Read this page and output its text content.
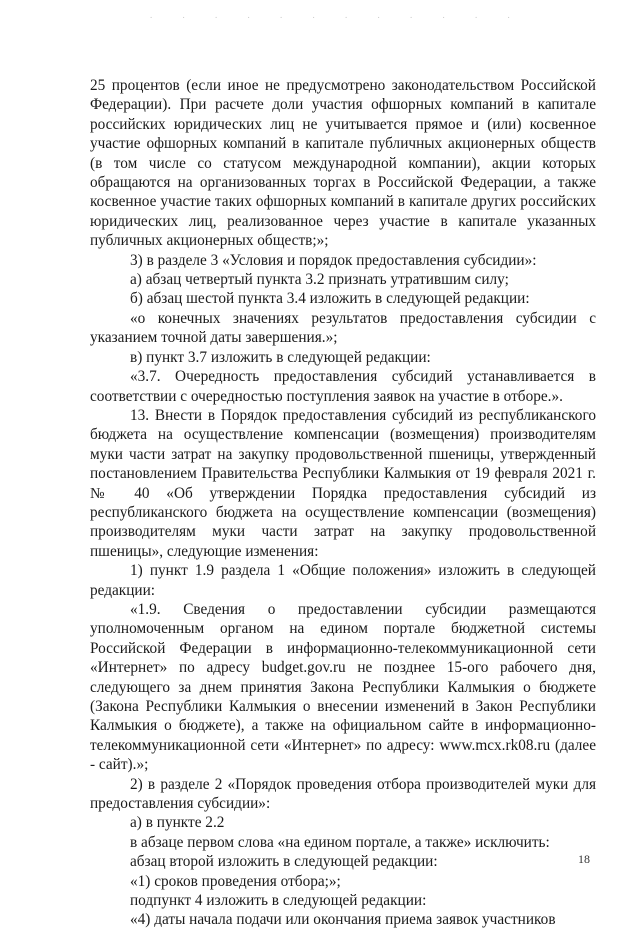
. . . . . . . . . . . .

25 процентов (если иное не предусмотрено законодательством Российской Федерации). При расчете доли участия офшорных компаний в капитале российских юридических лиц не учитывается прямое и (или) косвенное участие офшорных компаний в капитале публичных акционерных обществ (в том числе со статусом международной компании), акции которых обращаются на организованных торгах в Российской Федерации, а также косвенное участие таких офшорных компаний в капитале других российских юридических лиц, реализованное через участие в капитале указанных публичных акционерных обществ;»;

3) в разделе 3 «Условия и порядок предоставления субсидии»:

а) абзац четвертый пункта 3.2 признать утратившим силу;

б) абзац шестой пункта 3.4 изложить в следующей редакции:

«о конечных значениях результатов предоставления субсидии с указанием точной даты завершения.»;

в) пункт 3.7 изложить в следующей редакции:

«3.7. Очередность предоставления субсидий устанавливается в соответствии с очередностью поступления заявок на участие в отборе.».

13. Внести в Порядок предоставления субсидий из республиканского бюджета на осуществление компенсации (возмещения) производителям муки части затрат на закупку продовольственной пшеницы, утвержденный постановлением Правительства Республики Калмыкия от 19 февраля 2021 г. № 40 «Об утверждении Порядка предоставления субсидий из республиканского бюджета на осуществление компенсации (возмещения) производителям муки части затрат на закупку продовольственной пшеницы», следующие изменения:

1) пункт 1.9 раздела 1 «Общие положения» изложить в следующей редакции:

«1.9. Сведения о предоставлении субсидии размещаются уполномоченным органом на едином портале бюджетной системы Российской Федерации в информационно-телекоммуникационной сети «Интернет» по адресу budget.gov.ru не позднее 15-ого рабочего дня, следующего за днем принятия Закона Республики Калмыкия о бюджете (Закона Республики Калмыкия о внесении изменений в Закон Республики Калмыкия о бюджете), а также на официальном сайте в информационно-телекоммуникационной сети «Интернет» по адресу: www.mcx.rk08.ru (далее - сайт).»;

2) в разделе 2 «Порядок проведения отбора производителей муки для предоставления субсидии»:

а) в пункте 2.2

в абзаце первом слова «на едином портале, а также» исключить:

абзац второй изложить в следующей редакции:

«1) сроков проведения отбора;»;

подпункт 4 изложить в следующей редакции:

«4) даты начала подачи или окончания приема заявок участников

18
